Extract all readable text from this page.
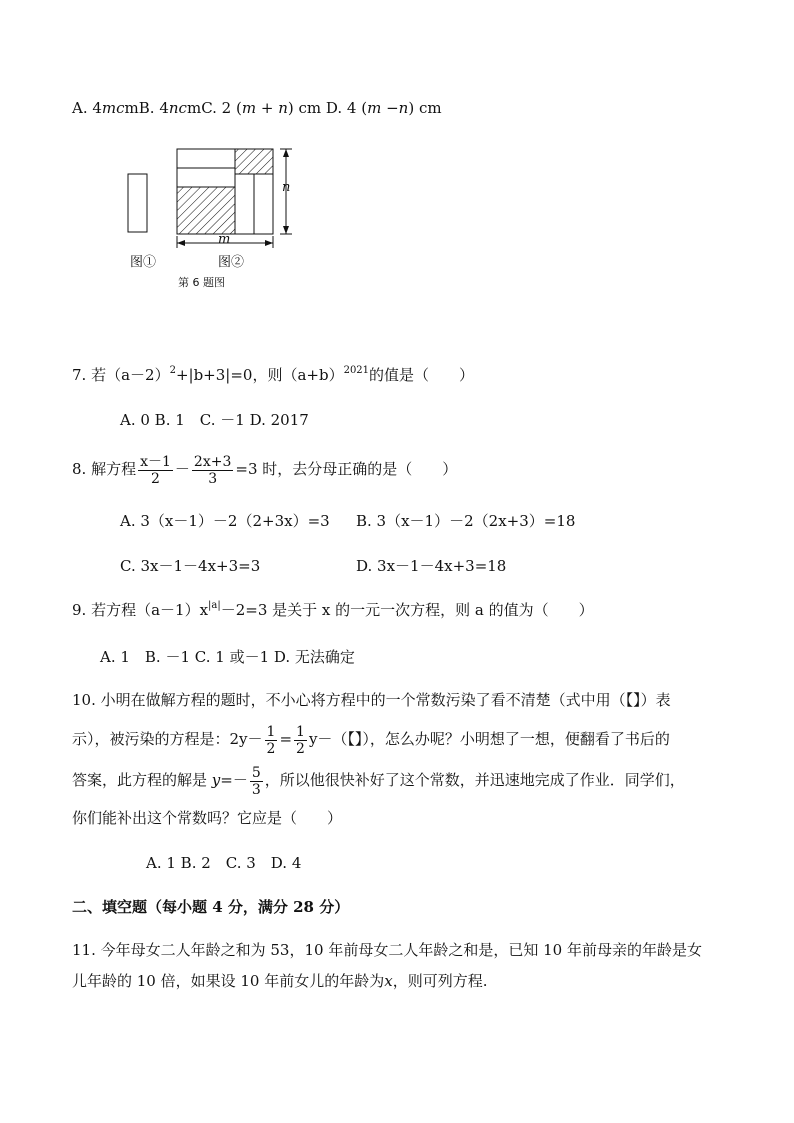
A. 4mcmB. 4ncmC. 2 (m + n) cm D. 4 (m −n) cm
n
m
图①	图②
第 6 题图
7. 若$(a-2)^2+|b+3|=0$，则$(a+b)^{2021}$的值是（　　）
A. 0 B. 1　C. －1 D. 2017
8. 解方程 $\frac{x-1}{2} - \frac{2x+3}{3} =3$ 时，去分母正确的是（　　）
A. 3（x－1）－2（2+3x）=3 B. 3（x－1）－2（2x+3）=18
C. 3x－1－4x+3=3	D. 3x－1－4x+3=18
9. 若方程$(a-1)x^{|a|}-2=3$ 是关于 x 的一元一次方程，则 a 的值为（　　）
A. 1　B. －1 C. 1 或－1 D. 无法确定
10. 小明在做解方程的题时，不小心将方程中的一个常数污染了看不清楚（式中用（【】）表
示），被污染的方程是：$2y- \frac{1}{2} = \frac{1}{2} y-$（【】），怎么办呢？小明想了一想，便翻看了书后的
答案，此方程的解是 $y=- \frac{5}{3}$ ，所以他很快补好了这个常数，并迅速地完成了作业．同学们，
你们能补出这个常数吗？它应是（　　）
A. 1 B. 2　C. 3　D. 4
二、填空题（每小题 4 分，满分 28 分）
11. 今年母女二人年龄之和为 53，10 年前母女二人年龄之和是，已知 10 年前母亲的年龄是女
儿年龄的 10 倍，如果设 10 年前女儿的年龄为x，则可列方程.
